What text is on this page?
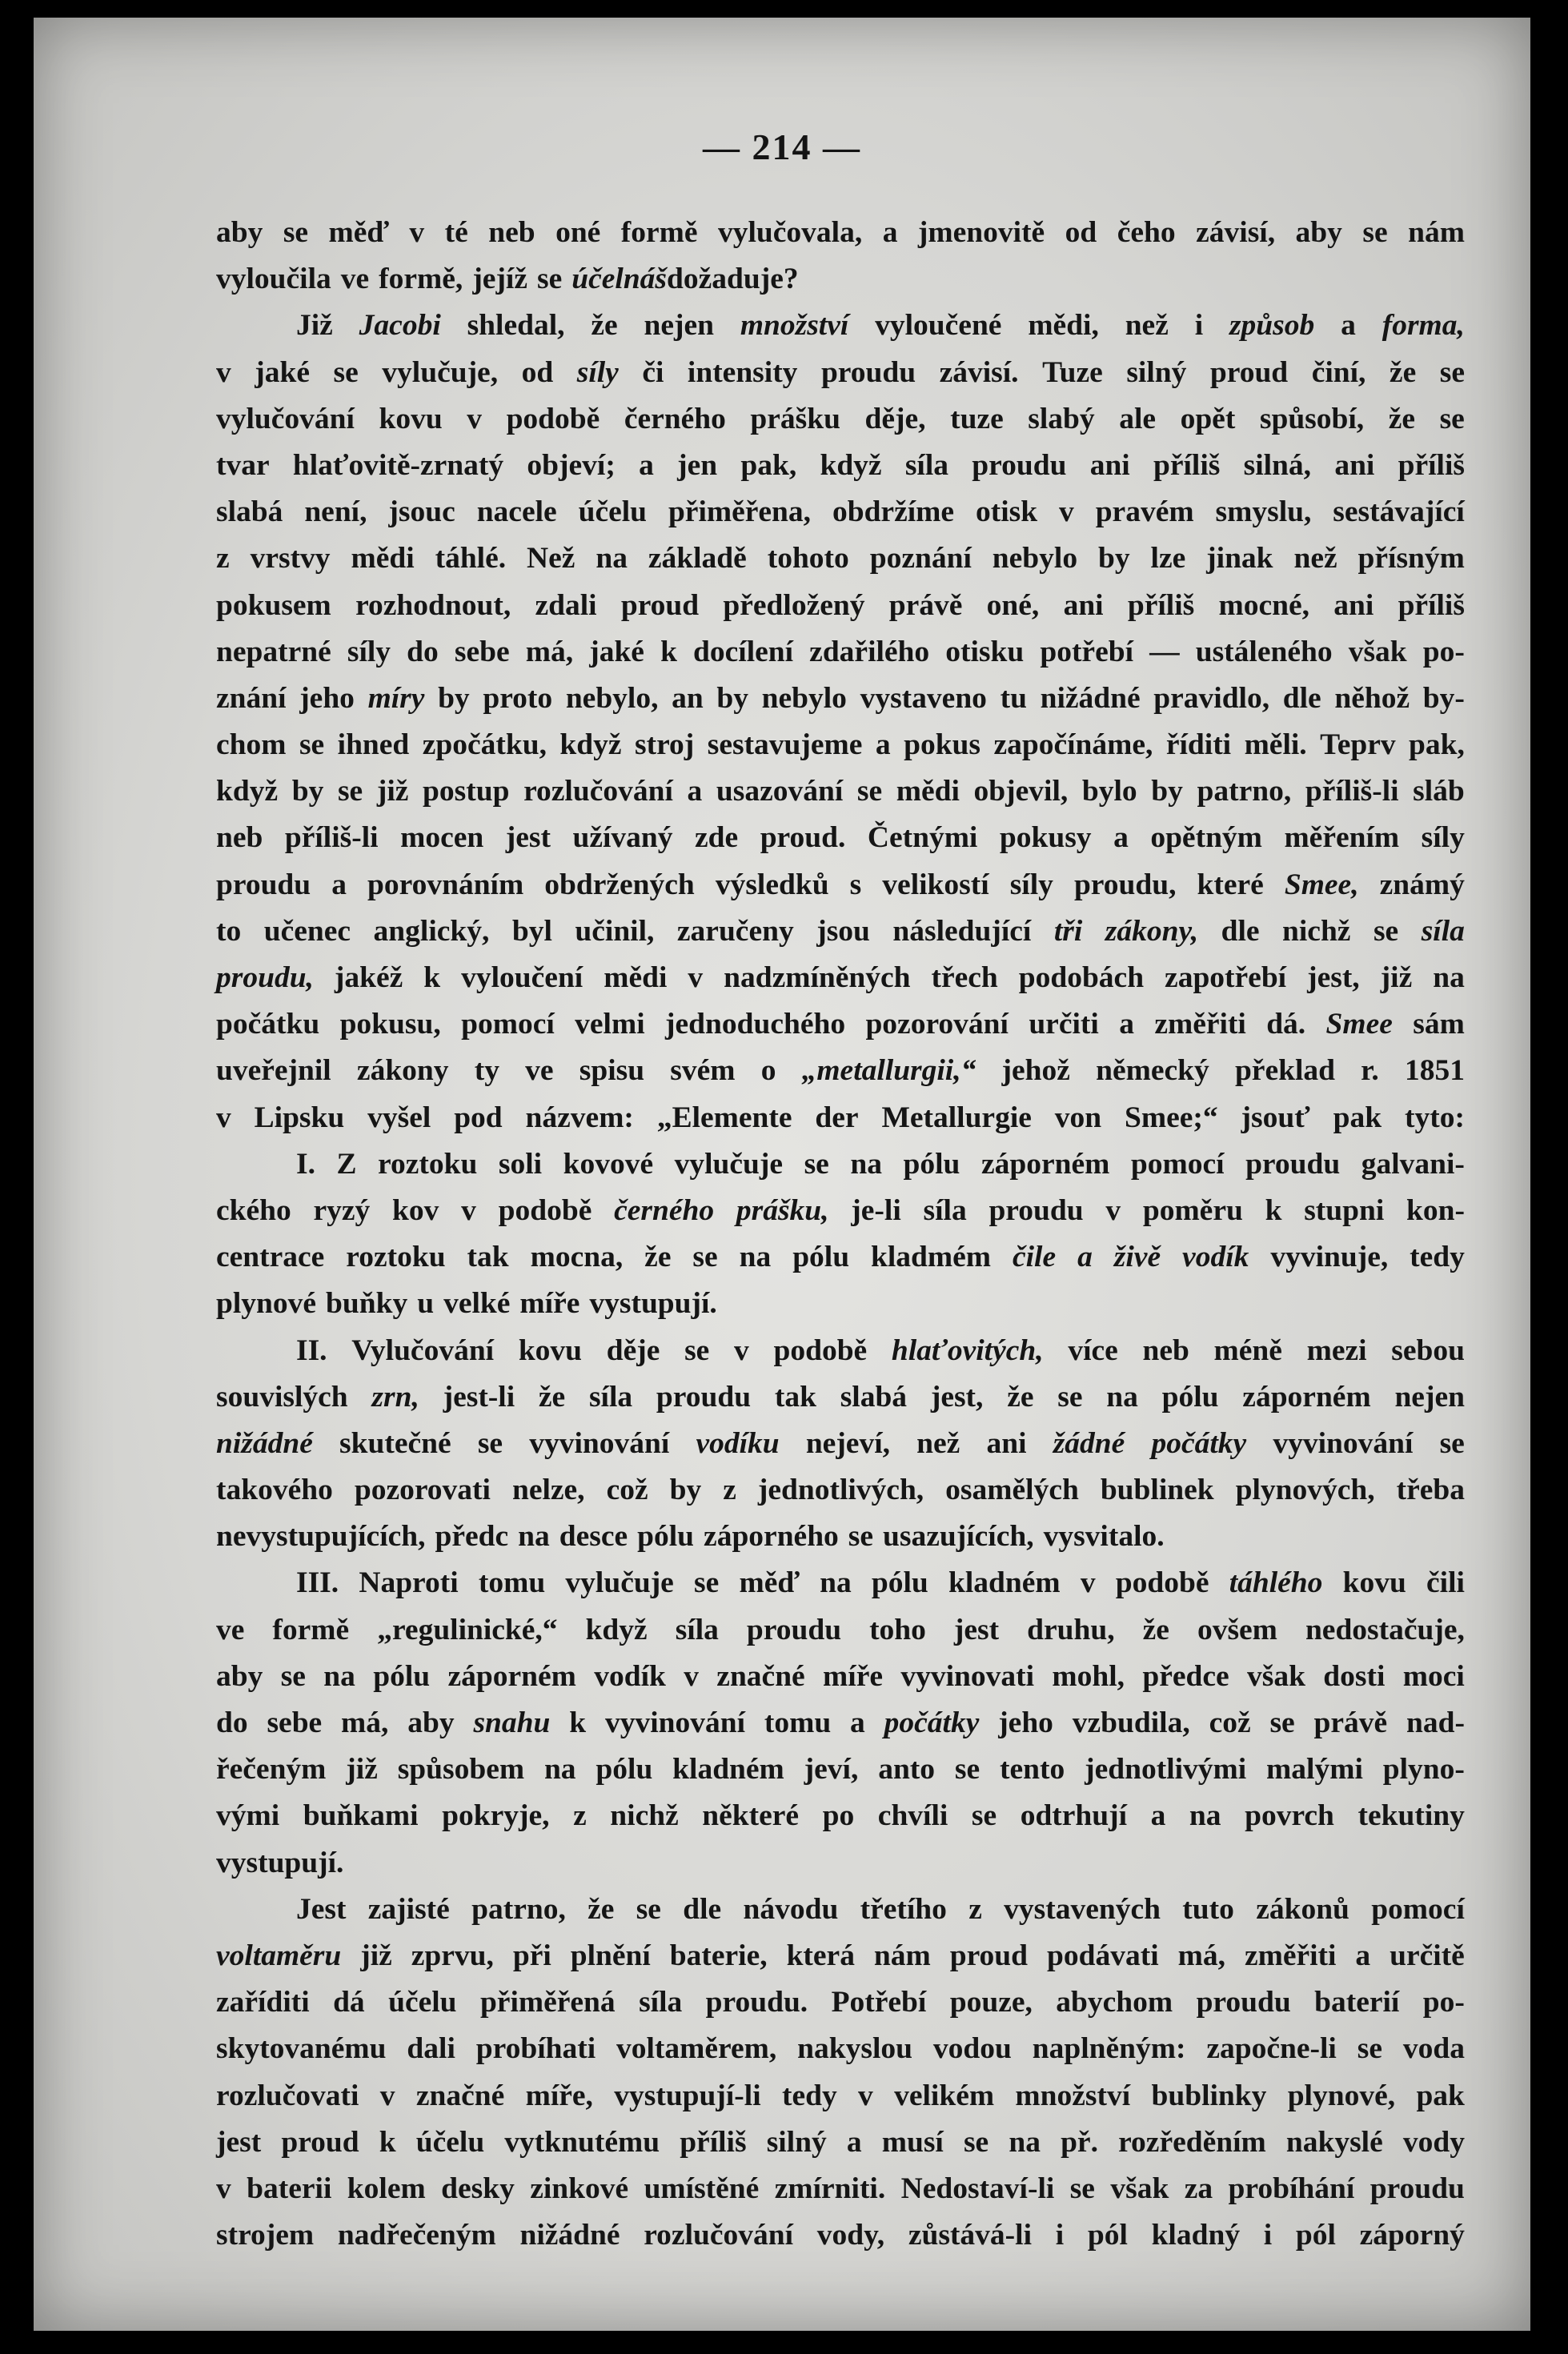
— 214 —
aby se měď v té neb oné formě vylučovala, a jmenovitě od čeho závisí, aby se nám
vyloučila ve formě, jejíž se účel náš dožaduje?
Již Jacobi shledal, že nejen množství vyloučené mědi, než i způsob a forma,
v jaké se vylučuje, od síly či intensity proudu závisí. Tuze silný proud činí, že se
vylučování kovu v podobě černého prášku děje, tuze slabý ale opět spůsobí, že se
tvar hlaťovitě-zrnatý objeví; a jen pak, když síla proudu ani příliš silná, ani příliš
slabá není, jsouc nacele účelu přiměřena, obdržíme otisk v pravém smyslu, sestávající
z vrstvy mědi táhlé. Než na základě tohoto poznání nebylo by lze jinak než přísným
pokusem rozhodnout, zdali proud předložený právě oné, ani příliš mocné, ani příliš
nepatrné síly do sebe má, jaké k docílení zdařilého otisku potřebí — ustáleného však po-
znání jeho míry by proto nebylo, an by nebylo vystaveno tu nižádné pravidlo, dle něhož by-
chom se ihned zpočátku, když stroj sestavujeme a pokus započínáme, říditi měli. Teprv pak,
když by se již postup rozlučování a usazování se mědi objevil, bylo by patrno, příliš-li sláb
neb příliš-li mocen jest užívaný zde proud. Četnými pokusy a opětným měřením síly
proudu a porovnáním obdržených výsledků s velikostí síly proudu, které Smee, známý
to učenec anglický, byl učinil, zaručeny jsou následující tři zákony, dle nichž se síla
proudu, jakéž k vyloučení mědi v nadzmíněných třech podobách zapotřebí jest, již na
počátku pokusu, pomocí velmi jednoduchého pozorování určiti a změřiti dá. Smee sám
uveřejnil zákony ty ve spisu svém o „metallurgii,“ jehož německý překlad r. 1851
v Lipsku vyšel pod názvem: „Elemente der Metallurgie von Smee;“ jsouť pak tyto:
I. Z roztoku soli kovové vylučuje se na pólu záporném pomocí proudu galvani-
ckého ryzý kov v podobě černého prášku, je-li síla proudu v poměru k stupni kon-
centrace roztoku tak mocna, že se na pólu kladmém čile a živě vodík vyvinuje, tedy
plynové buňky u velké míře vystupují.
II. Vylučování kovu děje se v podobě hlaťovitých, více neb méně mezi sebou
souvislých zrn, jest-li že síla proudu tak slabá jest, že se na pólu záporném nejen
nižádné skutečné se vyvinování vodíku nejeví, než ani žádné počátky vyvinování se
takového pozorovati nelze, což by z jednotlivých, osamělých bublinek plynových, třeba
nevystupujících, předc na desce pólu záporného se usazujících, vysvitalo.
III. Naproti tomu vylučuje se měď na pólu kladném v podobě táhlého kovu čili
ve formě „regulinické,“ když síla proudu toho jest druhu, že ovšem nedostačuje,
aby se na pólu záporném vodík v značné míře vyvinovati mohl, předce však dosti moci
do sebe má, aby snahu k vyvinování tomu a počátky jeho vzbudila, což se právě nad-
řečeným již spůsobem na pólu kladném jeví, anto se tento jednotlivými malými plyno-
vými buňkami pokryje, z nichž některé po chvíli se odtrhují a na povrch tekutiny
vystupují.
Jest zajisté patrno, že se dle návodu třetího z vystavených tuto zákonů pomocí
voltaměru již zprvu, při plnění baterie, která nám proud podávati má, změřiti a určitě
zaříditi dá účelu přiměřená síla proudu. Potřebí pouze, abychom proudu baterií po-
skytovanému dali probíhati voltaměrem, nakyslou vodou naplněným: započne-li se voda
rozlučovati v značné míře, vystupují-li tedy v velikém množství bublinky plynové, pak
jest proud k účelu vytknutému příliš silný a musí se na př. rozředěním nakyslé vody
v baterii kolem desky zinkové umístěné zmírniti. Nedostaví-li se však za probíhání proudu
strojem nadřečeným nižádné rozlučování vody, zůstává-li i pól kladný i pól záporný
